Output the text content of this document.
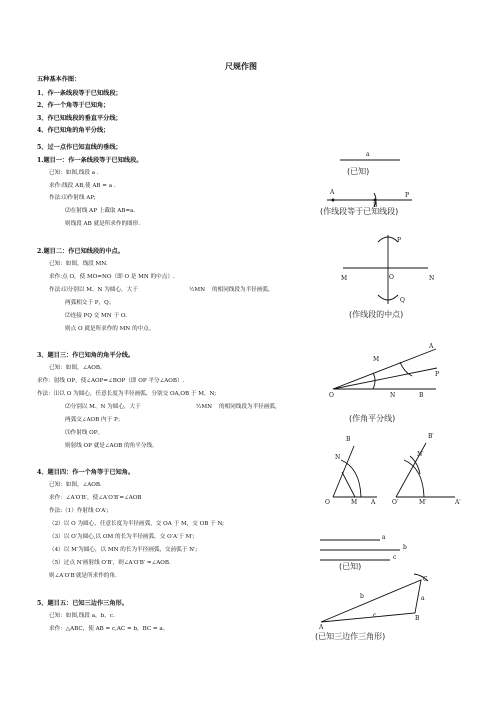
尺规作图
五种基本作图：
1、作一条线段等于已知线段；
2、作一个角等于已知角；
3、作已知线段的垂直平分线；
4、作已知角的角平分线；
5、过一点作已知直线的垂线；
1.题目一：作一条线段等于已知线段。
已知：如图,线段 a .
求作:线段 AB,使 AB = a .
作法:⑴作射线 AP;
⑵在射线 AP 上截取 AB=a.
则线段 AB 就是所求作的图形.
2.题目二：作已知线段的中点。
已知：如图，线段 MN.
求作:点 O，使 MO=NO（即 O 是 MN 的中点）.
作法:⑴分别以 M、N 为圆心，大于	½MN 的相同线段为半径画弧，
两弧相交于 P，Q；
⑵连接 PQ 交 MN 于 O.
则点 O 就是所求作的 MN 的中点。
3、题目三：作已知角的角平分线。
已知：如图，∠AOB，
求作：射线 OP，使∠AOP=∠BOP（即 OP 平分∠AOB）.
作法：⑴以 O 为圆心，任意长度为半径画弧，分别交 OA,OB 于 M，N;
⑵分别以 M、N 为圆心，大于	½MN 的相同线段为半径画弧,
两弧交∠AOB 内于 P；
⑶作射线 OP。
则射线 OP 就是∠AOB 的角平分线。
4、题目四：作一个角等于已知角。
已知：如图，∠AOB.
求作：∠A′O′B′，使∠A′O′B′=∠AOB
作法:（1）作射线 O′A′;
（2）以 O 为圆心，任意长度为半径画弧，交 OA 于 M，交 OB 于 N;
（3）以 O′为圆心,以 OM 的长为半径画弧，交 O′A′于 M′;
（4）以 M′为圆心，以 MN 的长为半径画弧，交前弧于 N′;
（5）过点 N′画射线 O′B′，则∠A′O′B′ =∠AOB.
则∠A′O′B′就是所求作的角.
5、题目五：已知三边作三角形。
已知：如图,线段 a，b，c.
求作：△ABC，使 AB = c,AC = b，BC = a。
a
(已知)
A
B
P
(作线段等于已知线段)
P
M	O	N
Q
(作线段的中点)
A
M
P
O	N	B
(作角平分线)
B
N
O	M A
B′
N′
O′	M′	A′
a
b
c
(已知)
C
b	a
A
c	B
(已知三边作三角形)
